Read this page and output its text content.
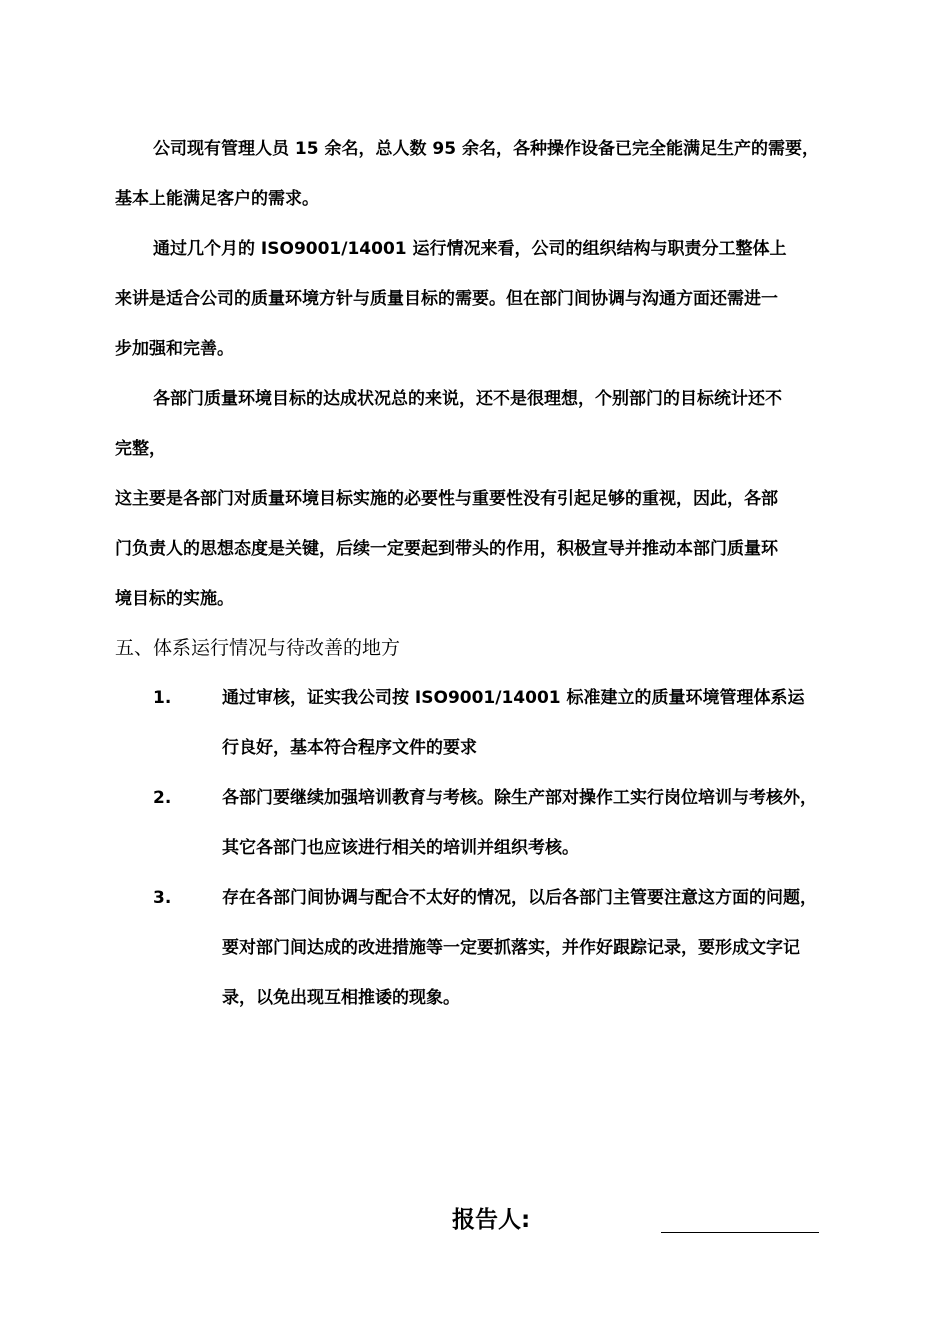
公司现有管理人员 15 余名，总人数 95 余名，各种操作设备已完全能满足生产的需要，

基本上能满足客户的需求。

通过几个月的 ISO9001/14001 运行情况来看，公司的组织结构与职责分工整体上

来讲是适合公司的质量环境方针与质量目标的需要。但在部门间协调与沟通方面还需进一

步加强和完善。

各部门质量环境目标的达成状况总的来说，还不是很理想，个别部门的目标统计还不

完整，

这主要是各部门对质量环境目标实施的必要性与重要性没有引起足够的重视，因此，各部

门负责人的思想态度是关键，后续一定要起到带头的作用，积极宣导并推动本部门质量环

境目标的实施。

五、体系运行情况与待改善的地方
1.	通过审核，证实我公司按 ISO9001/14001 标准建立的质量环境管理体系运
行良好，基本符合程序文件的要求
2.	各部门要继续加强培训教育与考核。除生产部对操作工实行岗位培训与考核外，
其它各部门也应该进行相关的培训并组织考核。
3.	存在各部门间协调与配合不太好的情况，以后各部门主管要注意这方面的问题，
要对部门间达成的改进措施等一定要抓落实，并作好跟踪记录，要形成文字记
录，以免出现互相推诿的现象。
报告人:
